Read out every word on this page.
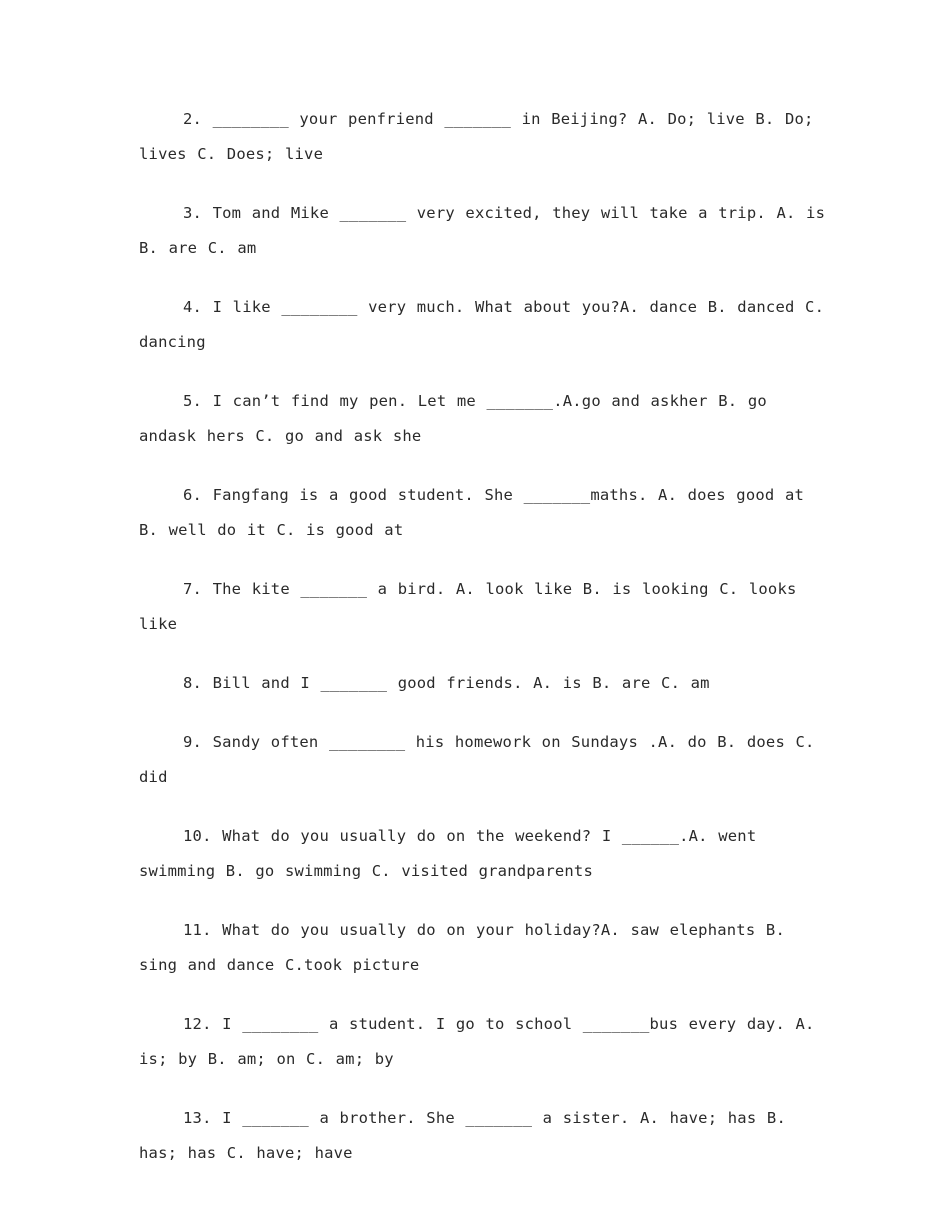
2. ________ your penfriend _______ in Beijing? A. Do; live B. Do; lives C. Does; live

3. Tom and Mike _______ very excited, they will take a trip. A. is B. are C. am

4. I like ________ very much. What about you?A. dance B. danced C. dancing

5. I can’t find my pen. Let me _______.A.go and askher B. go andask hers C. go and ask she

6. Fangfang is a good student. She _______maths. A. does good at B. well do it C. is good at

7. The kite _______ a bird. A. look like B. is looking C. looks like

8. Bill and I _______ good friends. A. is B. are C. am

9. Sandy often ________ his homework on Sundays .A. do B. does C. did

10. What do you usually do on the weekend? I ______.A. went swimming B. go swimming C. visited grandparents

11. What do you usually do on your holiday?A. saw elephants B. sing and dance C.took picture

12. I ________ a student. I go to school _______bus every day. A. is; by B. am; on C. am; by

13. I _______ a brother. She _______ a sister. A. have; has B. has; has C. have; have
